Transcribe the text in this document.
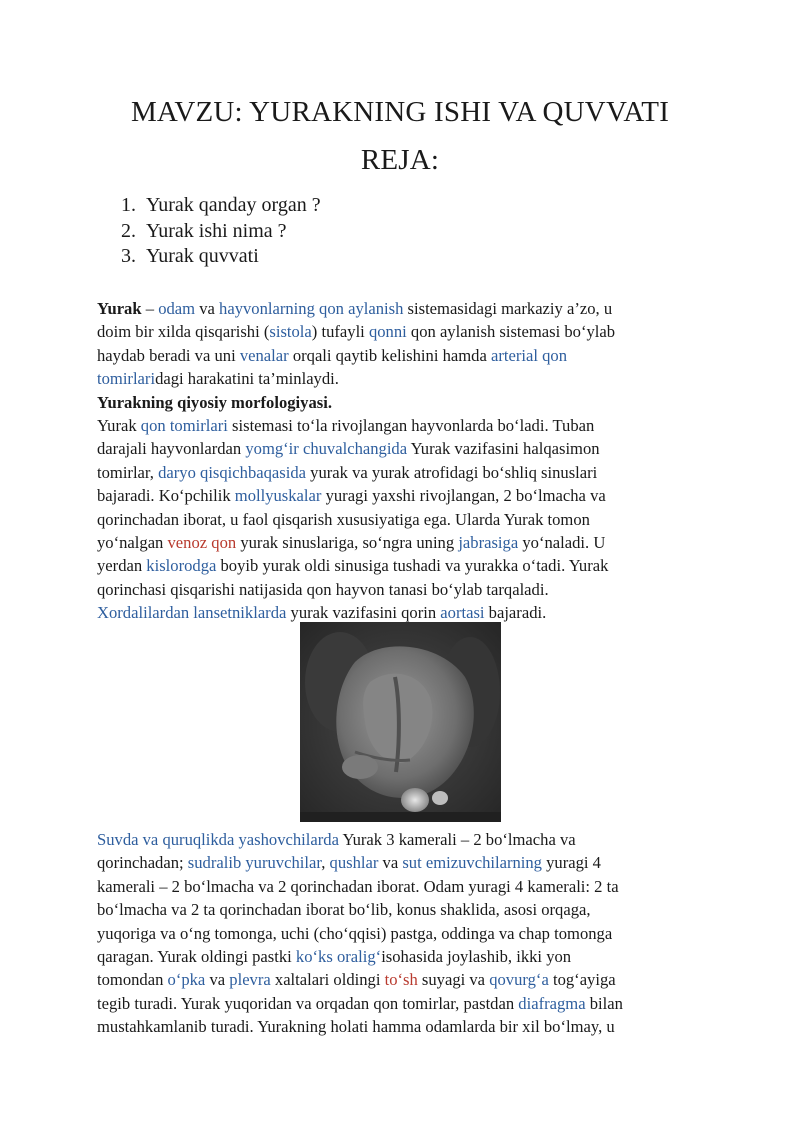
MAVZU: YURAKNING ISHI VA QUVVATI
REJA:
1. Yurak qanday organ ?
2. Yurak ishi nima ?
3. Yurak quvvati
Yurak – odam va hayvonlarning qon aylanish sistemasidagi markaziy a’zo, u
doim bir xilda qisqarishi (sistola) tufayli qonni qon aylanish sistemasi bo‘ylab
haydab beradi va uni venalar orqali qaytib kelishini hamda arterial qon
tomirlaridagi harakatini ta’minlaydi.
Yurakning qiyosiy morfologiyasi.
Yurak qon tomirlari sistemasi to‘la rivojlangan hayvonlarda bo‘ladi. Tuban
darajali hayvonlardan yomg‘ir chuvalchangida Yurak vazifasini halqasimon
tomirlar, daryo qisqichbaqasida yurak va yurak atrofidagi bo‘shliq sinuslari
bajaradi. Ko‘pchilik mollyuskalar yuragi yaxshi rivojlangan, 2 bo‘lmacha va
qorinchadan iborat, u faol qisqarish xususiyatiga ega. Ularda Yurak tomon
yo‘nalgan venoz qon yurak sinuslariga, so‘ngra uning jabrasiga yo‘naladi. U
yerdan kislorodga boyib yurak oldi sinusiga tushadi va yurakka o‘tadi. Yurak
qorinchasi qisqarishi natijasida qon hayvon tanasi bo‘ylab tarqaladi.
Xordalilardan lansetniklarda yurak vazifasini qorin aortasi bajaradi.
Suvda va quruqlikda yashovchilarda Yurak 3 kamerali – 2 bo‘lmacha va
qorinchadan; sudralib yuruvchilar, qushlar va sut emizuvchilarning yuragi 4
kamerali – 2 bo‘lmacha va 2 qorinchadan iborat. Odam yuragi 4 kamerali: 2 ta
bo‘lmacha va 2 ta qorinchadan iborat bo‘lib, konus shaklida, asosi orqaga,
yuqoriga va o‘ng tomonga, uchi (cho‘qqisi) pastga, oddinga va chap tomonga
qaragan. Yurak oldingi pastki ko‘ks oralig‘isohasida joylashib, ikki yon
tomondan o‘pka va plevra xaltalari oldingi to‘sh suyagi va qovurg‘a tog‘ayiga
tegib turadi. Yurak yuqoridan va orqadan qon tomirlar, pastdan diafragma bilan
mustahkamlanib turadi. Yurakning holati hamma odamlarda bir xil bo‘lmay, u
